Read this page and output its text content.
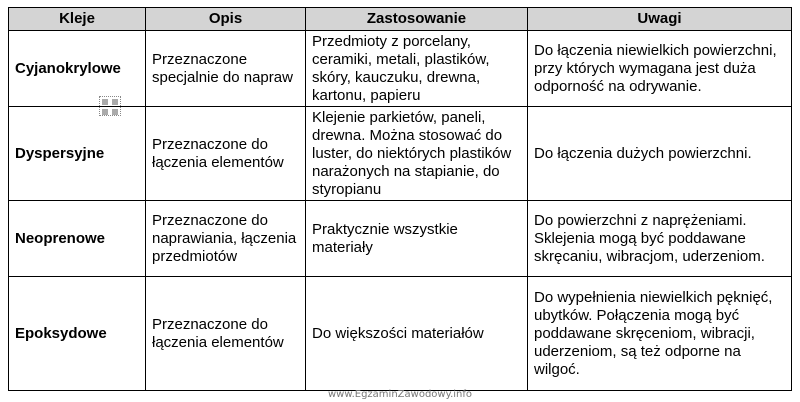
Kleje	Opis	Zastosowanie	Uwagi
Cyjanokrylowe	Przeznaczone specjalnie do napraw	Przedmioty z porcelany, ceramiki, metali, plastików, skóry, kauczuku, drewna, kartonu, papieru	Do łączenia niewielkich powierzchni, przy których wymagana jest duża odporność na odrywanie.
Dyspersyjne	Przeznaczone do łączenia elementów	Klejenie parkietów, paneli, drewna. Można stosować do luster, do niektórych plastików narażonych na stapianie, do styropianu	Do łączenia dużych powierzchni.
Neoprenowe	Przeznaczone do naprawiania, łączenia przedmiotów	Praktycznie wszystkie materiały	Do powierzchni z naprężeniami. Sklejenia mogą być poddawane skręcaniu, wibracjom, uderzeniom.
Epoksydowe	Przeznaczone do łączenia elementów	Do większości materiałów	Do wypełnienia niewielkich pęknięć, ubytków. Połączenia mogą być poddawane skręceniom, wibracji, uderzeniom, są też odporne na wilgoć.
www.EgzaminZawodowy.info
